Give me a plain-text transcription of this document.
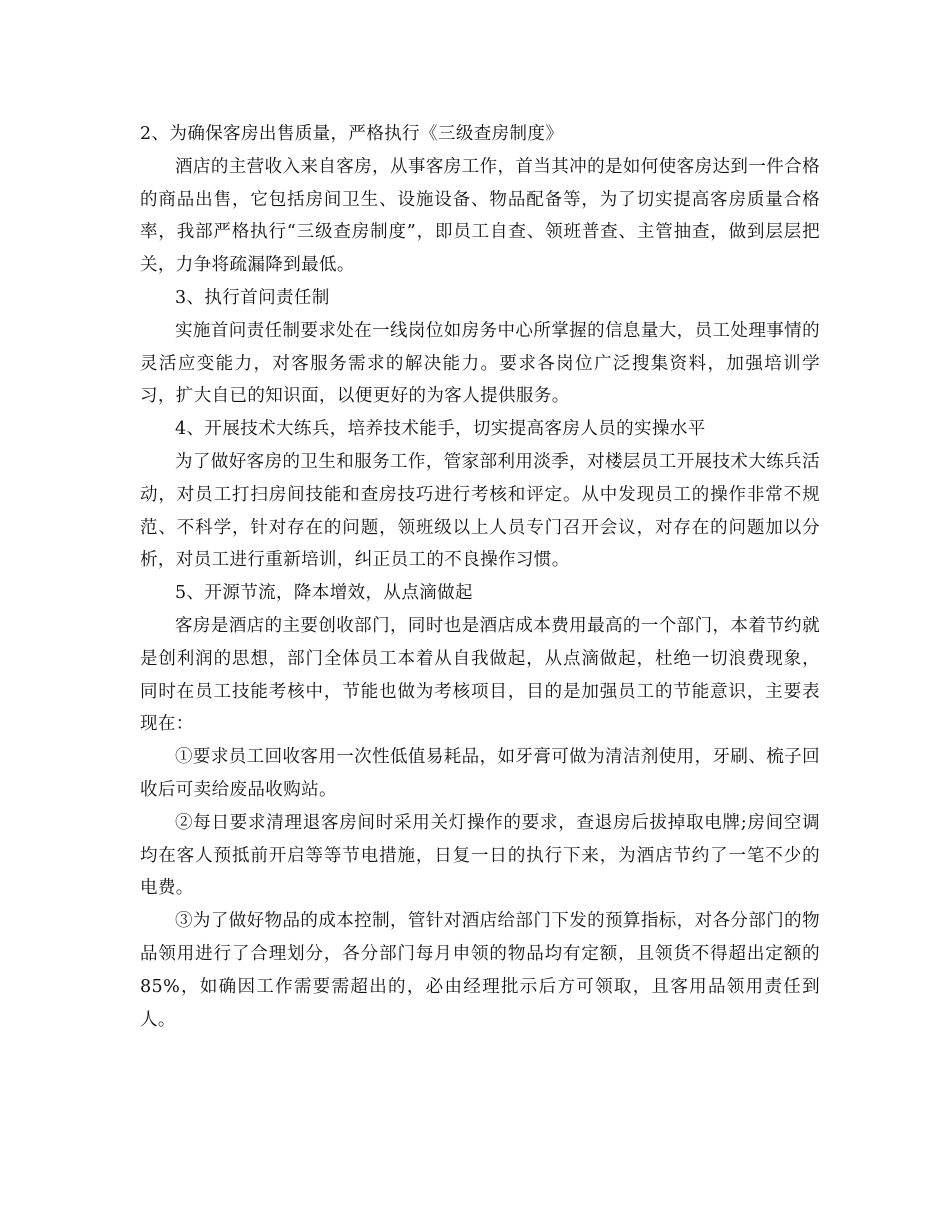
2、为确保客房出售质量，严格执行《三级查房制度》

酒店的主营收入来自客房，从事客房工作，首当其冲的是如何使客房达到一件合格的商品出售，它包括房间卫生、设施设备、物品配备等，为了切实提高客房质量合格率，我部严格执行“三级查房制度”，即员工自查、领班普查、主管抽查，做到层层把关，力争将疏漏降到最低。

3、执行首问责任制

实施首问责任制要求处在一线岗位如房务中心所掌握的信息量大，员工处理事情的灵活应变能力，对客服务需求的解决能力。要求各岗位广泛搜集资料，加强培训学习，扩大自已的知识面，以便更好的为客人提供服务。

4、开展技术大练兵，培养技术能手，切实提高客房人员的实操水平

为了做好客房的卫生和服务工作，管家部利用淡季，对楼层员工开展技术大练兵活动，对员工打扫房间技能和查房技巧进行考核和评定。从中发现员工的操作非常不规范、不科学，针对存在的问题，领班级以上人员专门召开会议，对存在的问题加以分析，对员工进行重新培训，纠正员工的不良操作习惯。

5、开源节流，降本增效，从点滴做起

客房是酒店的主要创收部门，同时也是酒店成本费用最高的一个部门，本着节约就是创利润的思想，部门全体员工本着从自我做起，从点滴做起，杜绝一切浪费现象，同时在员工技能考核中，节能也做为考核项目，目的是加强员工的节能意识，主要表现在：

①要求员工回收客用一次性低值易耗品，如牙膏可做为清洁剂使用，牙刷、梳子回收后可卖给废品收购站。

②每日要求清理退客房间时采用关灯操作的要求，查退房后拔掉取电牌;房间空调均在客人预抵前开启等等节电措施，日复一日的执行下来，为酒店节约了一笔不少的电费。

③为了做好物品的成本控制，管针对酒店给部门下发的预算指标，对各分部门的物品领用进行了合理划分，各分部门每月申领的物品均有定额，且领货不得超出定额的85%，如确因工作需要需超出的，必由经理批示后方可领取，且客用品领用责任到人。
